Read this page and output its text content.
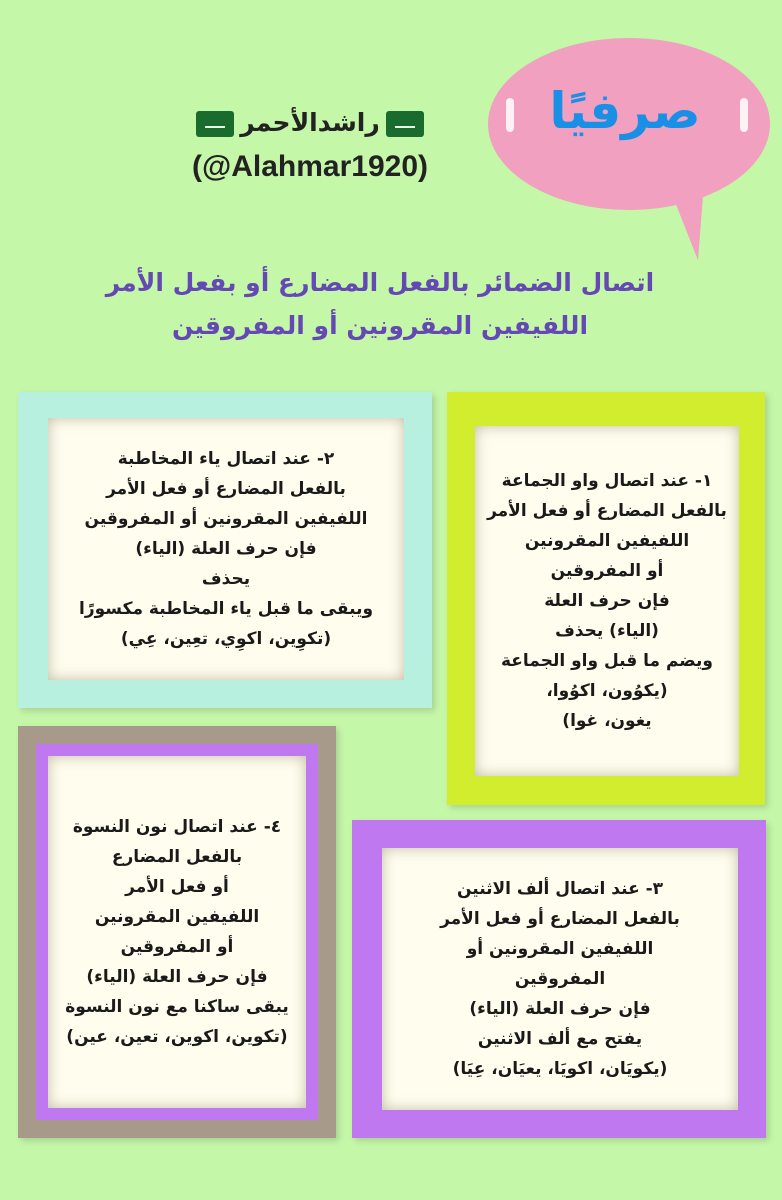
صرفيًا
راشدالأحمر
(@Alahmar1920)
اتصال الضمائر بالفعل المضارع أو بفعل الأمر
اللفيفين المقرونين أو المفروقين

٢- عند اتصال ياء المخاطبة

بالفعل المضارع أو فعل الأمر

اللفيفين المقرونين أو المفروقين

فإن حرف العلة (الياء)

يحذف

ويبقى ما قبل ياء المخاطبة مكسورًا

(تكوِين، اكوِي، تعِين، عِي)

١- عند اتصال واو الجماعة

بالفعل المضارع أو فعل الأمر

اللفيفين المقرونين

أو المفروقين

فإن حرف العلة

(الياء) يحذف

ويضم ما قبل واو الجماعة

(يكوُون، اكوُوا،

يغون، غوا)

٤- عند اتصال نون النسوة

بالفعل المضارع

أو فعل الأمر

اللفيفين المقرونين

أو المفروقين

فإن حرف العلة (الياء)

يبقى ساكنا مع نون النسوة

(تكوين، اكوين، تعين، عين)

٣- عند اتصال ألف الاثنين

بالفعل المضارع أو فعل الأمر

اللفيفين المقرونين أو

المفروقين

فإن حرف العلة (الياء)

يفتح مع ألف الاثنين

(يكويَان، اكويَا، يعيَان، عِيَا)
